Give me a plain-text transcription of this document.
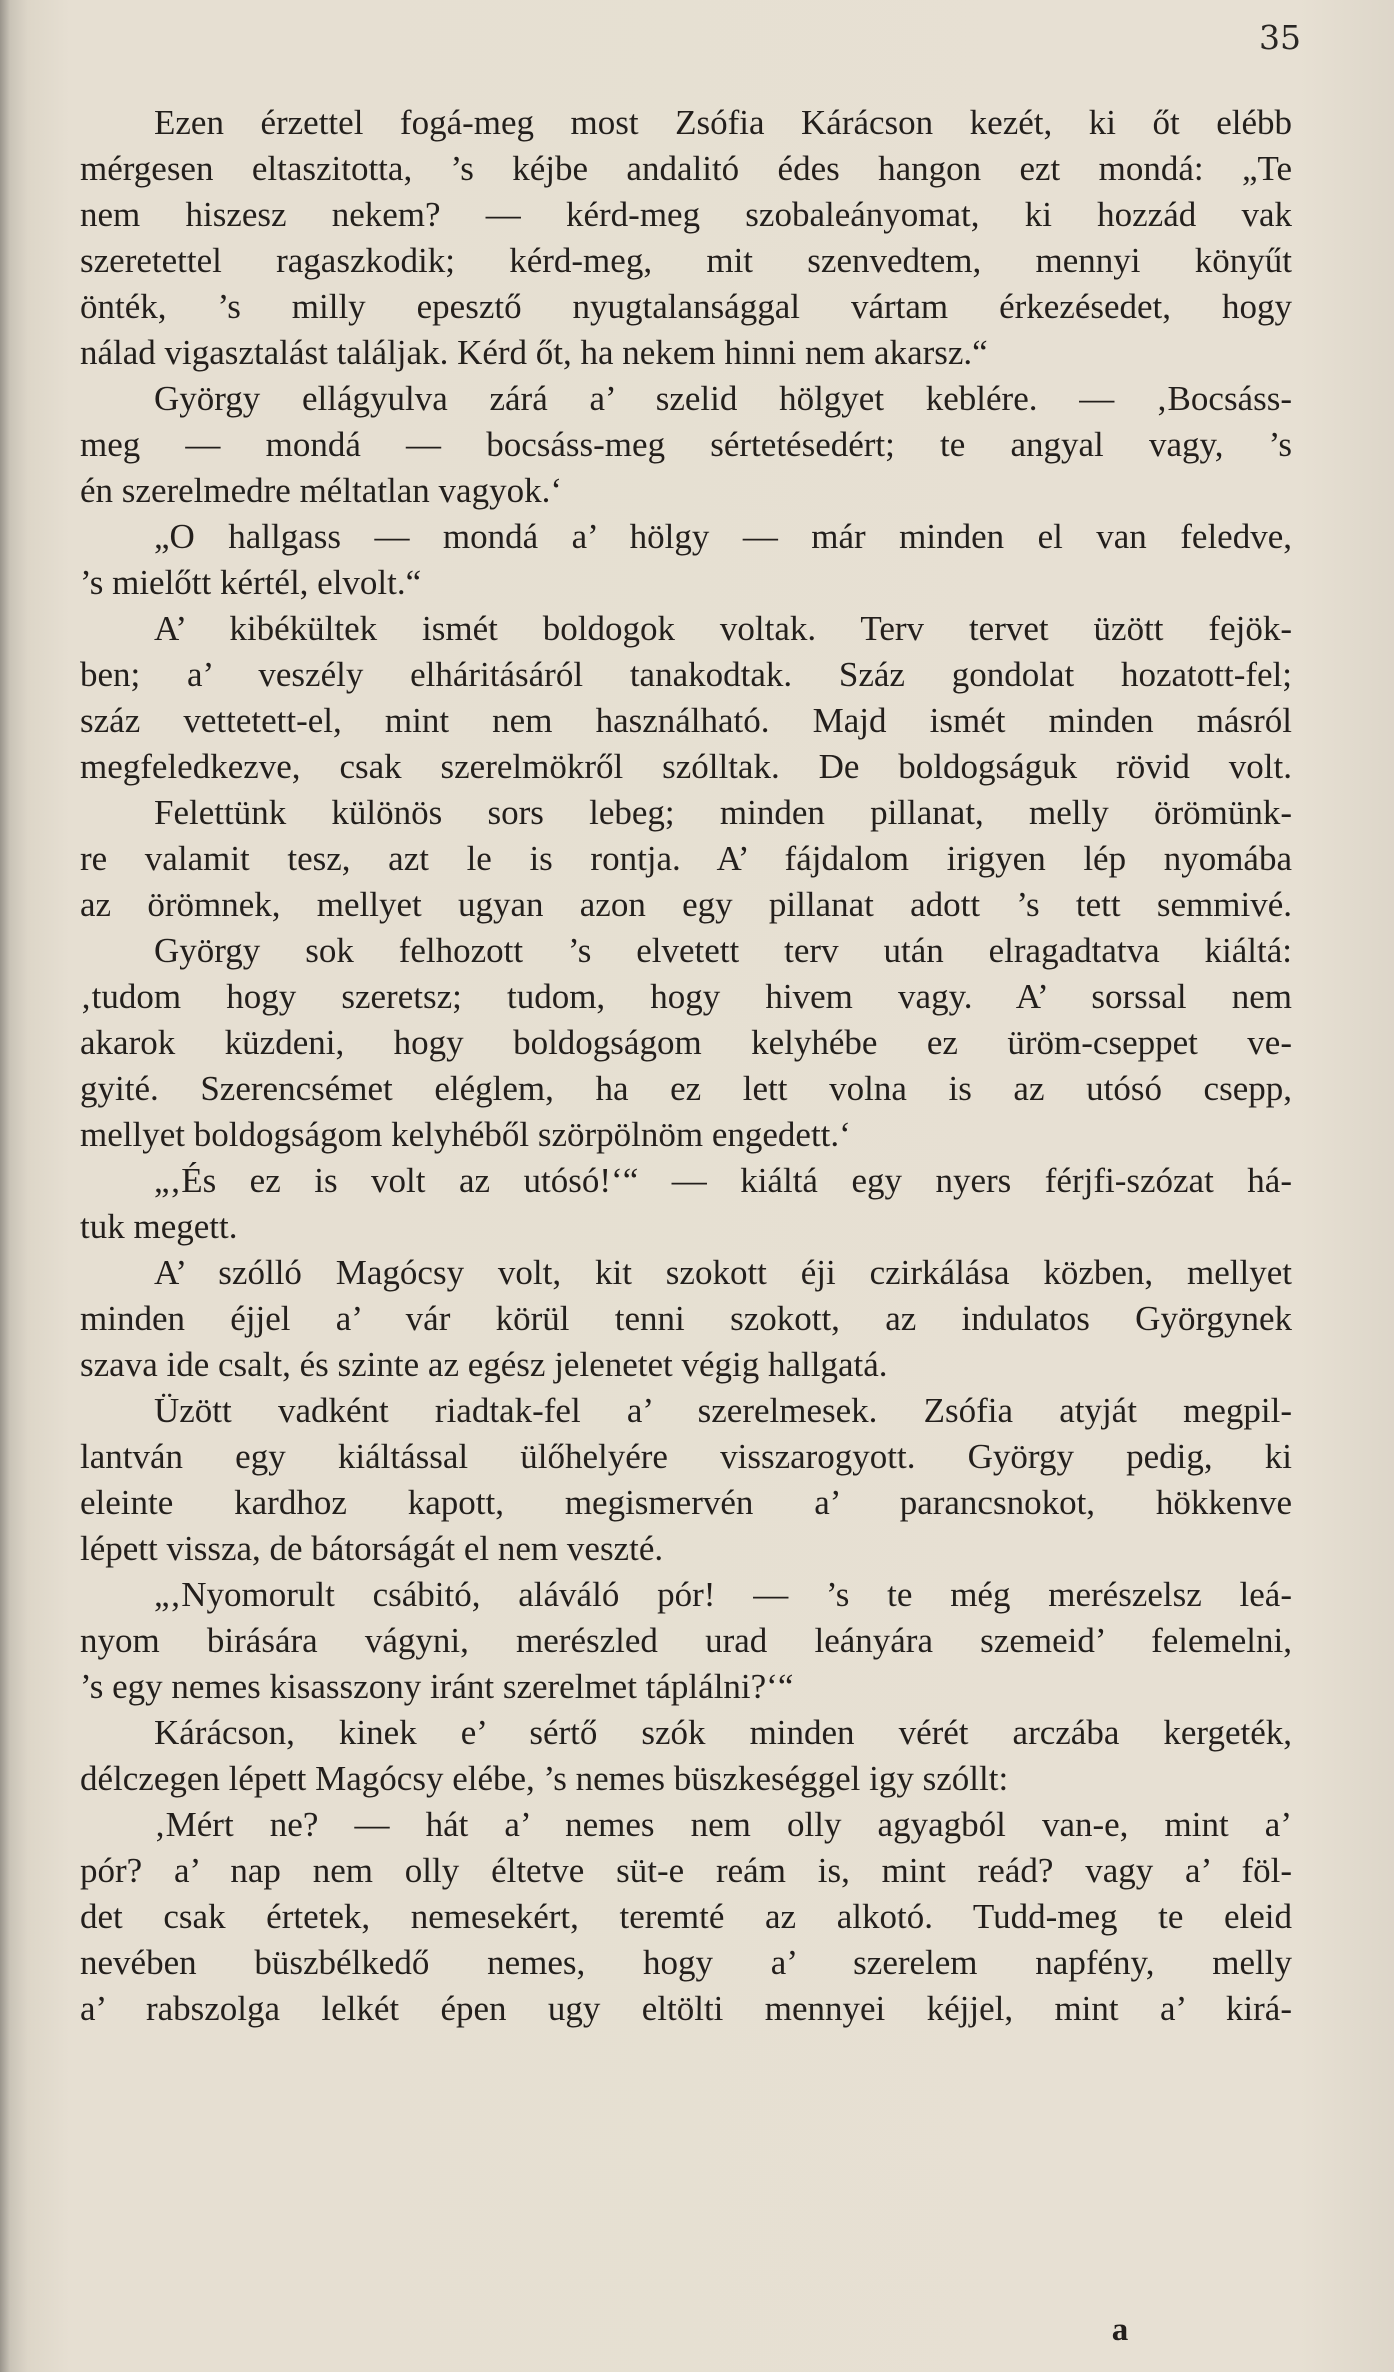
35
Ezen érzettel fogá-meg most Zsófia Kárácson kezét, ki őt elébb
mérgesen eltaszitotta, ’s kéjbe andalitó édes hangon ezt mondá: „Te
nem hiszesz nekem? — kérd-meg szobaleányomat, ki hozzád vak
szeretettel ragaszkodik; kérd-meg, mit szenvedtem, mennyi könyűt
önték, ’s milly epesztő nyugtalansággal vártam érkezésedet, hogy
nálad vigasztalást találjak. Kérd őt, ha nekem hinni nem akarsz.“
György ellágyulva zárá a’ szelid hölgyet keblére. — ‚Bocsáss-
meg — mondá — bocsáss-meg sértetésedért; te angyal vagy, ’s
én szerelmedre méltatlan vagyok.‘
„O hallgass — mondá a’ hölgy — már minden el van feledve,
’s mielőtt kértél, elvolt.“
A’ kibékültek ismét boldogok voltak. Terv tervet üzött fejök-
ben; a’ veszély elháritásáról tanakodtak. Száz gondolat hozatott-fel;
száz vettetett-el, mint nem használható. Majd ismét minden másról
megfeledkezve, csak szerelmökről szólltak. De boldogságuk rövid volt.
Felettünk különös sors lebeg; minden pillanat, melly örömünk-
re valamit tesz, azt le is rontja. A’ fájdalom irigyen lép nyomába
az örömnek, mellyet ugyan azon egy pillanat adott ’s tett semmivé.
György sok felhozott ’s elvetett terv után elragadtatva kiáltá:
‚tudom hogy szeretsz; tudom, hogy hivem vagy. A’ sorssal nem
akarok küzdeni, hogy boldogságom kelyhébe ez üröm-cseppet ve-
gyité. Szerencsémet eléglem, ha ez lett volna is az utósó csepp,
mellyet boldogságom kelyhéből szörpölnöm engedett.‘
„‚És ez is volt az utósó!‘“ — kiáltá egy nyers férjfi-szózat há-
tuk megett.
A’ szólló Magócsy volt, kit szokott éji czirkálása közben, mellyet
minden éjjel a’ vár körül tenni szokott, az indulatos Györgynek
szava ide csalt, és szinte az egész jelenetet végig hallgatá.
Üzött vadként riadtak-fel a’ szerelmesek. Zsófia atyját megpil-
lantván egy kiáltással ülőhelyére visszarogyott. György pedig, ki
eleinte kardhoz kapott, megismervén a’ parancsnokot, hökkenve
lépett vissza, de bátorságát el nem veszté.
„‚Nyomorult csábitó, aláváló pór! — ’s te még merészelsz leá-
nyom birására vágyni, merészled urad leányára szemeid’ felemelni,
’s egy nemes kisasszony iránt szerelmet táplálni?‘“
Kárácson, kinek e’ sértő szók minden vérét arczába kergeték,
délczegen lépett Magócsy elébe, ’s nemes büszkeséggel igy szóllt:
‚Mért ne? — hát a’ nemes nem olly agyagból van-e, mint a’
pór? a’ nap nem olly éltetve süt-e reám is, mint reád? vagy a’ föl-
det csak értetek, nemesekért, teremté az alkotó. Tudd-meg te eleid
nevében büszbélkedő nemes, hogy a’ szerelem napfény, melly
a’ rabszolga lelkét épen ugy eltölti mennyei kéjjel, mint a’ kirá-
a
